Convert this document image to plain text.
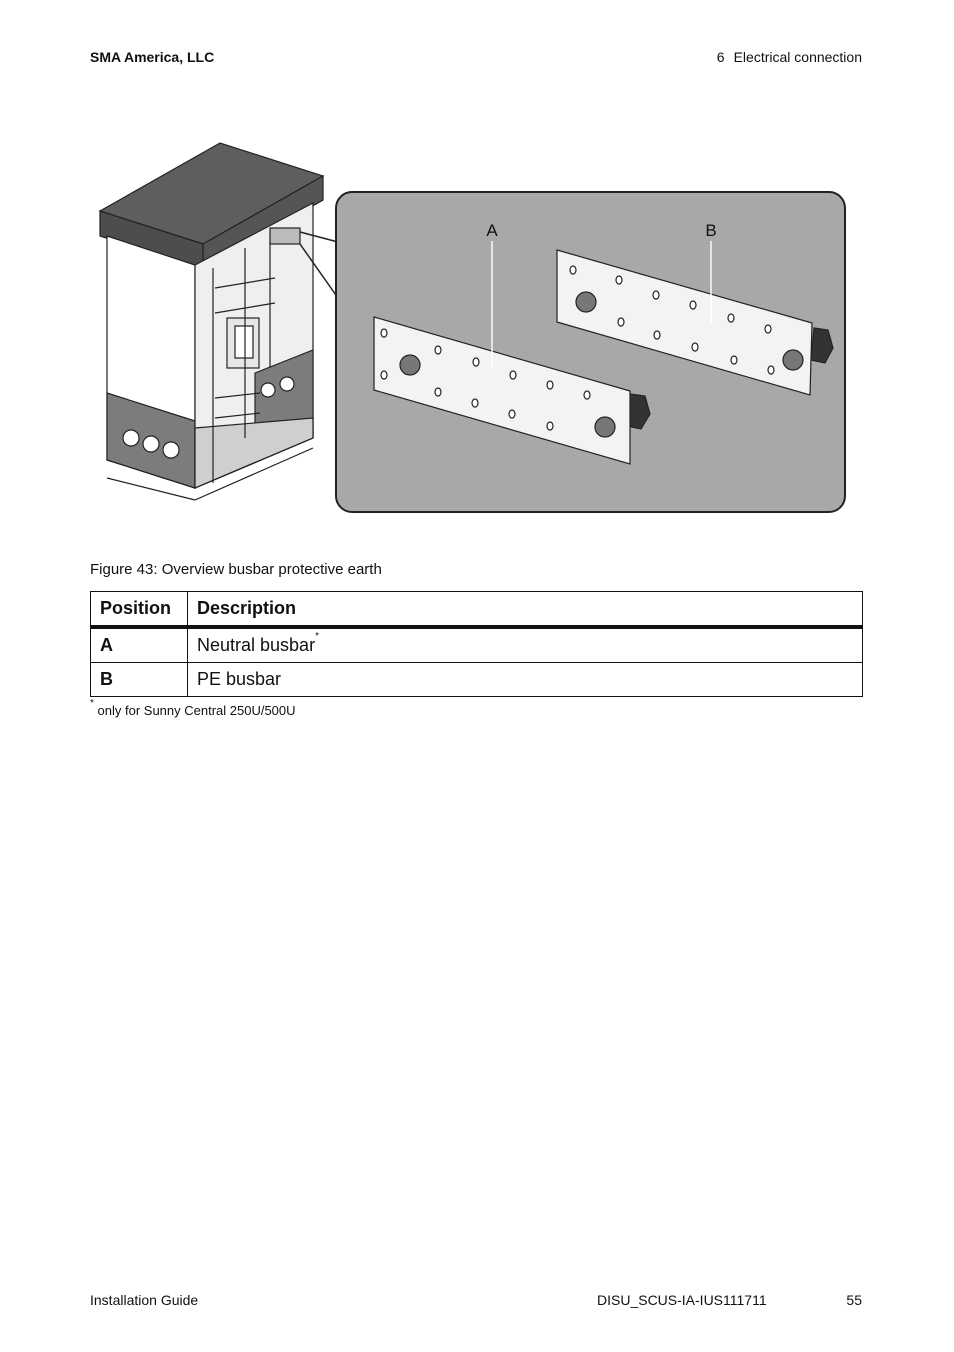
SMA America, LLC	6 Electrical connection
A	B
Figure 43: Overview busbar protective earth
Position	Description
A	Neutral busbar*
B	PE busbar
* only for Sunny Central 250U/500U
Installation Guide	DISU_SCUS-IA-IUS111711	55
